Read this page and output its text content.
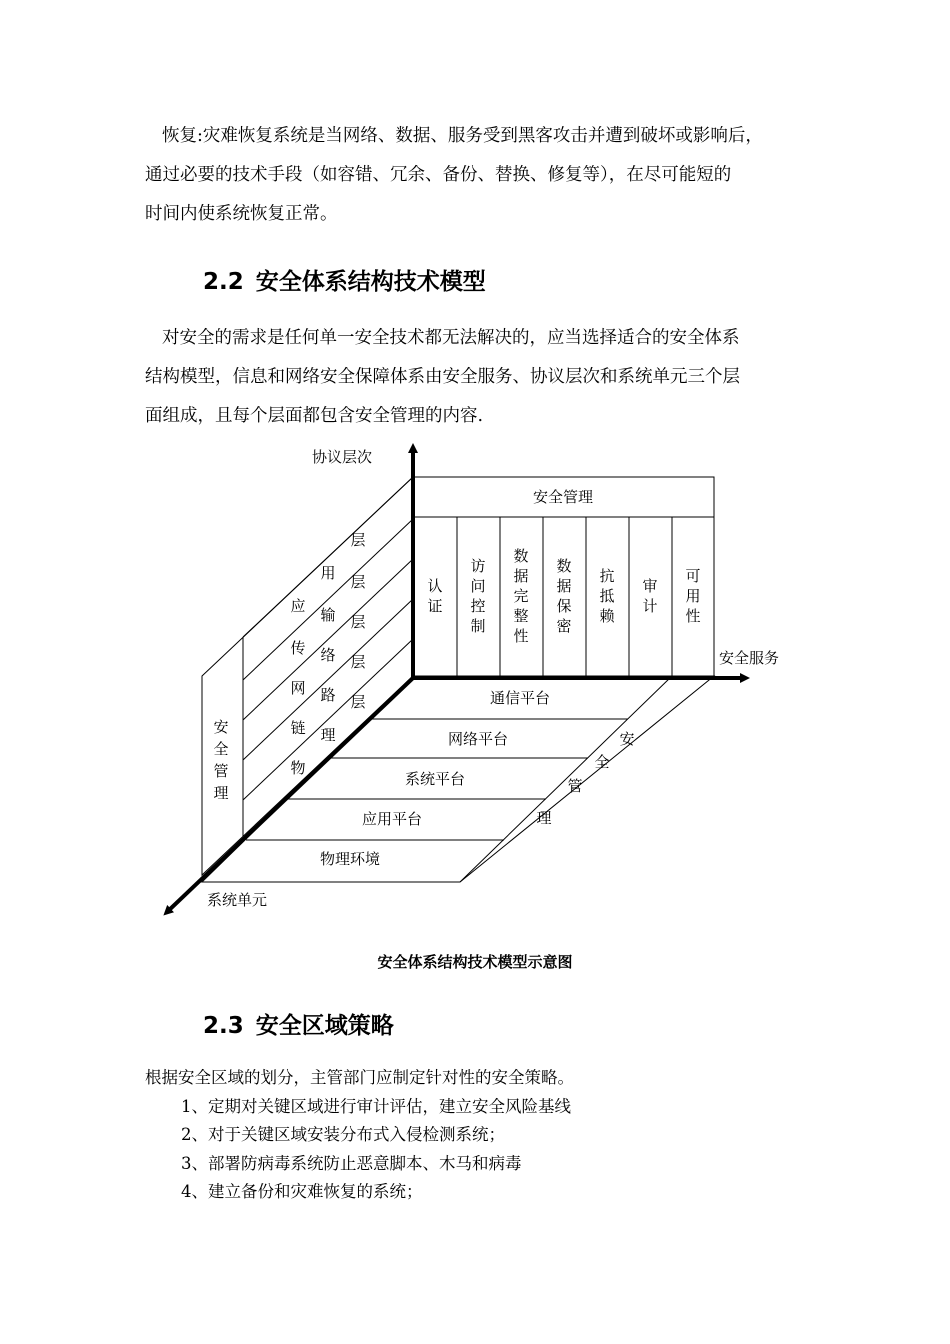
恢复:灾难恢复系统是当网络、数据、服务受到黑客攻击并遭到破坏或影响后，
通过必要的技术手段（如容错、冗余、备份、替换、修复等），在尽可能短的
时间内使系统恢复正常。
2.2 安全体系结构技术模型
对安全的需求是任何单一安全技术都无法解决的，应当选择适合的安全体系
结构模型，信息和网络安全保障体系由安全服务、协议层次和系统单元三个层
面组成，且每个层面都包含安全管理的内容.
协议层次
安全服务
系统单元
安全管理
认
证
访
问
控
制
数
据
完
整
性
数
据
保
密
抗
抵
赖
审
计
可
用
性
应
用
层
传
输
层
网
络
层
链
路
层
物
理
层
安
全
管
理
安
全
管
理
通信平台
网络平台
系统平台
应用平台
物理环境
安全体系结构技术模型示意图
2.3 安全区域策略
根据安全区域的划分，主管部门应制定针对性的安全策略。
1、定期对关键区域进行审计评估，建立安全风险基线
2、对于关键区域安装分布式入侵检测系统；
3、部署防病毒系统防止恶意脚本、木马和病毒
4、建立备份和灾难恢复的系统；
